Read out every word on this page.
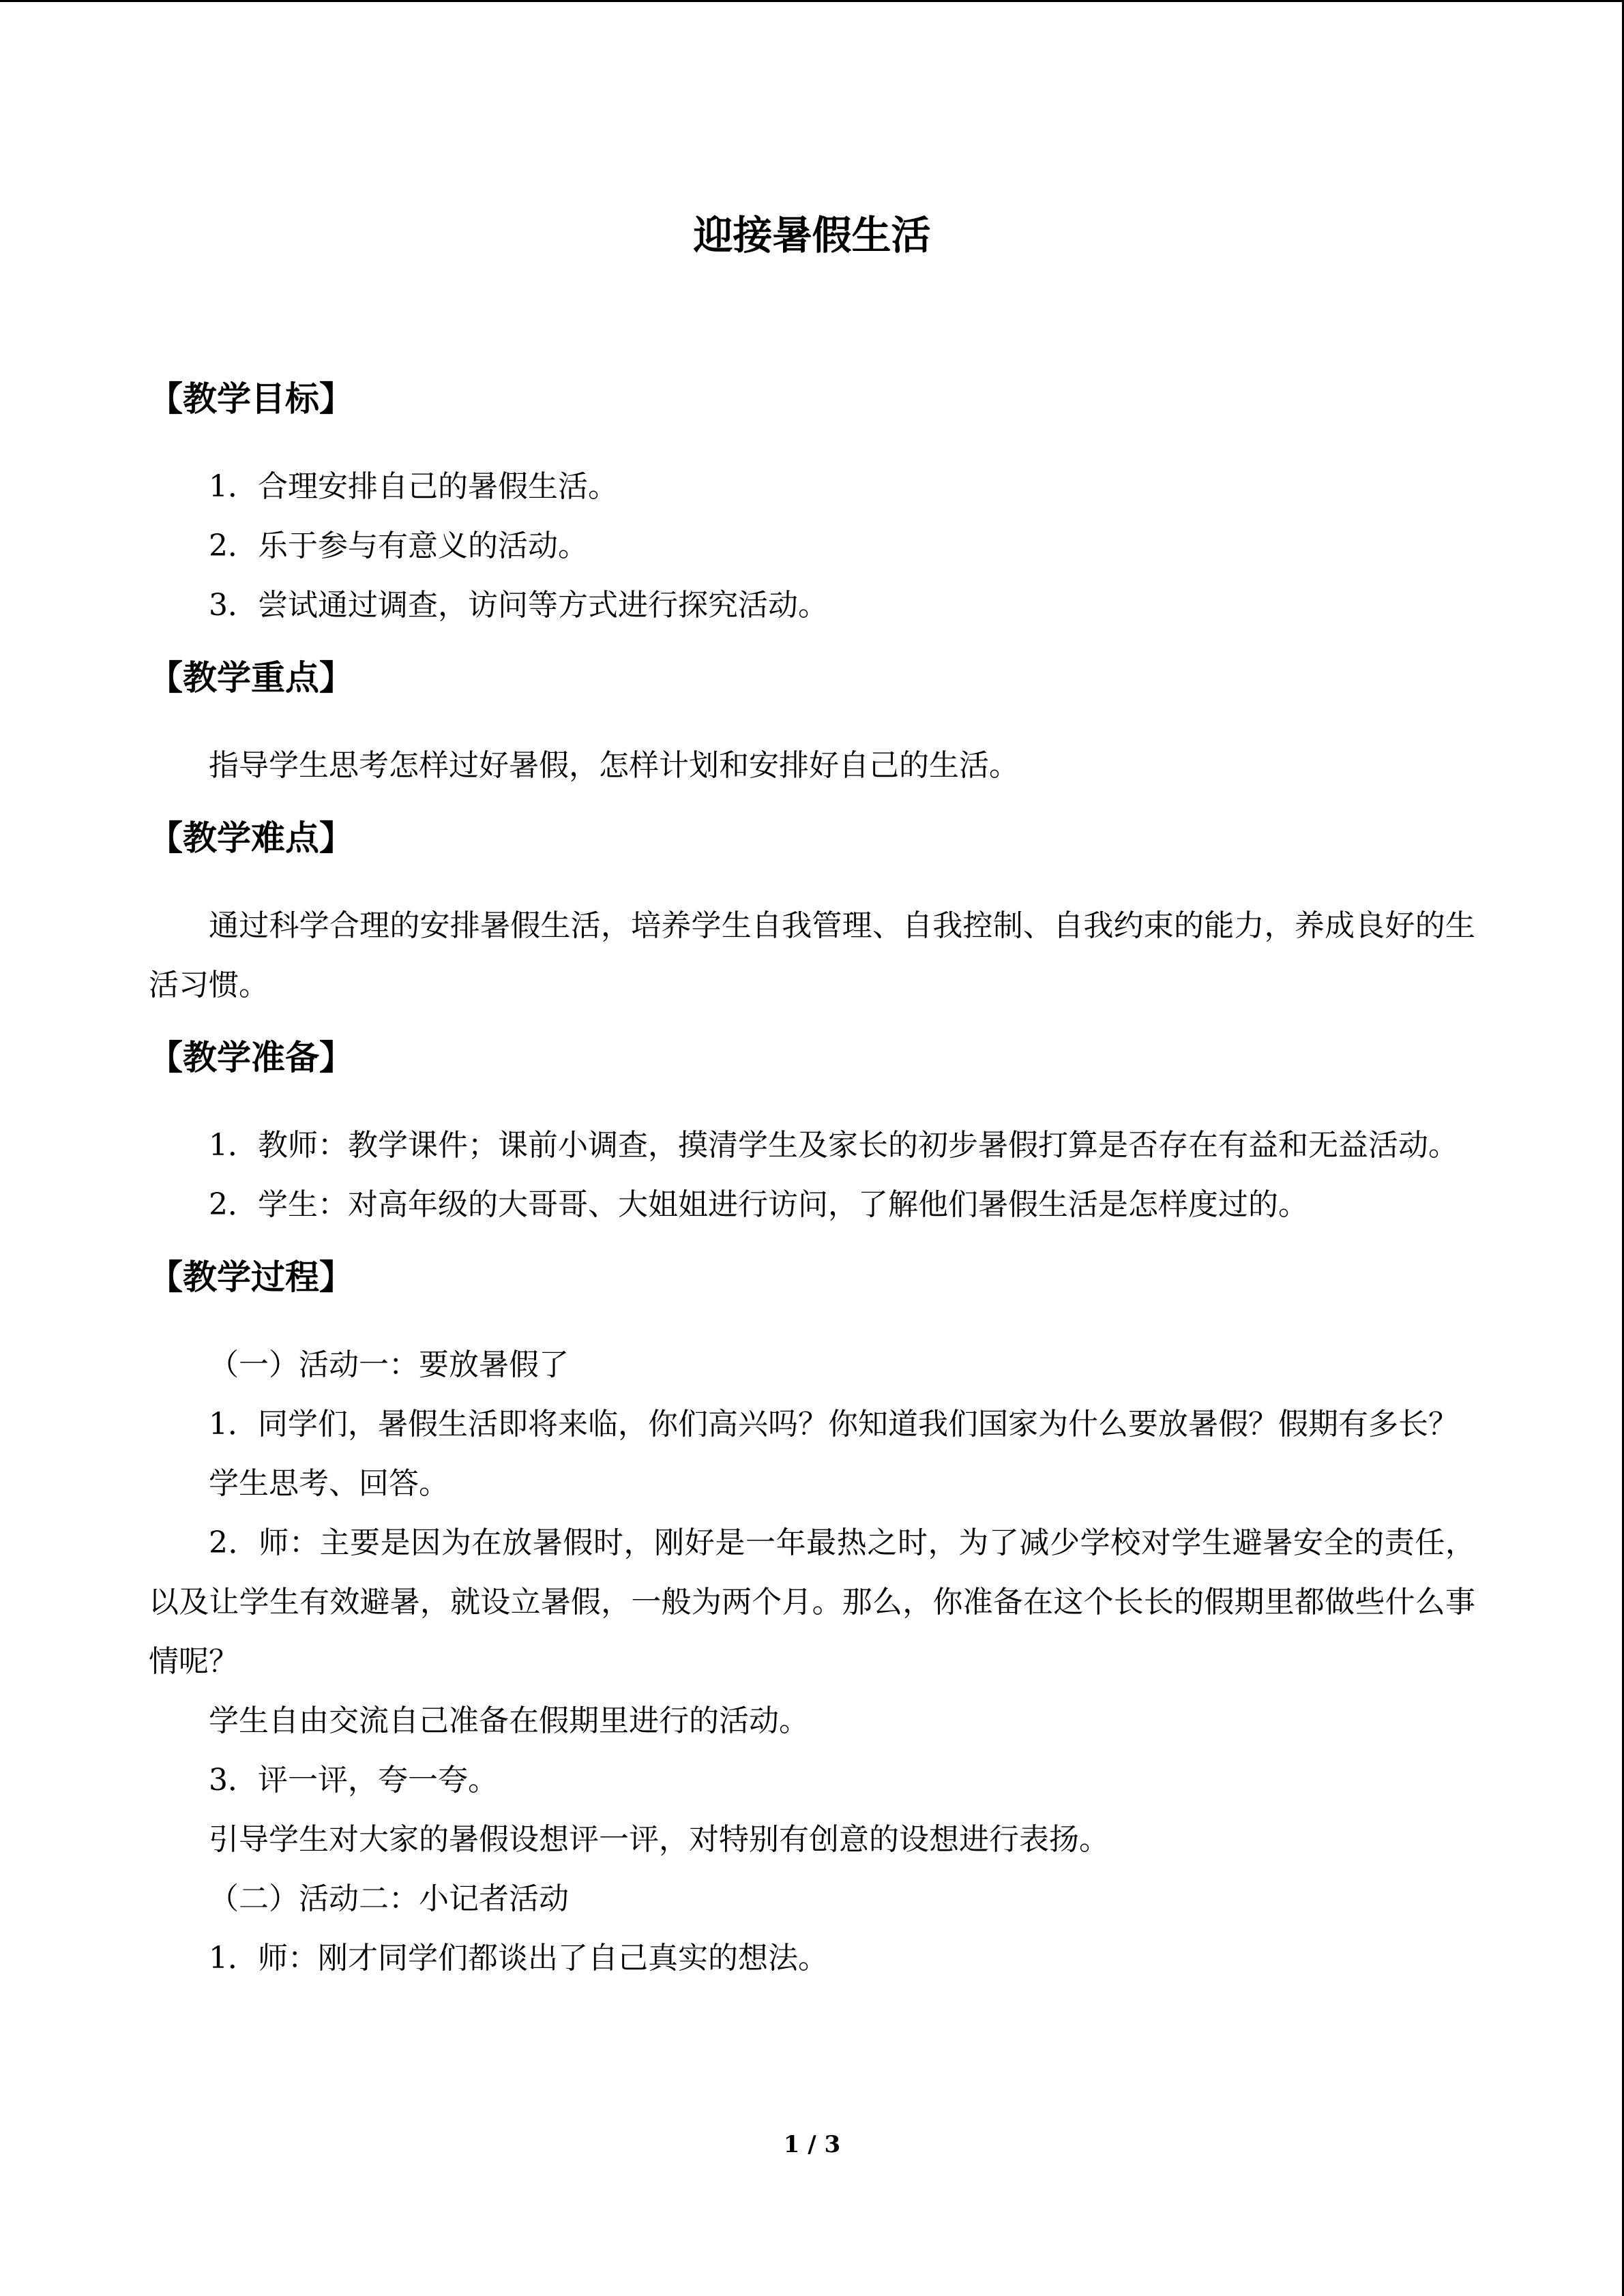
迎接暑假生活
【教学目标】

1．合理安排自己的暑假生活。

2．乐于参与有意义的活动。

3．尝试通过调查，访问等方式进行探究活动。

【教学重点】

指导学生思考怎样过好暑假，怎样计划和安排好自己的生活。

【教学难点】

通过科学合理的安排暑假生活，培养学生自我管理、自我控制、自我约束的能力，养成良好的生活习惯。

【教学准备】

1．教师：教学课件；课前小调查，摸清学生及家长的初步暑假打算是否存在有益和无益活动。

2．学生：对高年级的大哥哥、大姐姐进行访问，了解他们暑假生活是怎样度过的。

【教学过程】

（一）活动一：要放暑假了

1．同学们，暑假生活即将来临，你们高兴吗？你知道我们国家为什么要放暑假？假期有多长？

学生思考、回答。

2．师：主要是因为在放暑假时，刚好是一年最热之时，为了减少学校对学生避暑安全的责任，以及让学生有效避暑，就设立暑假，一般为两个月。那么，你准备在这个长长的假期里都做些什么事情呢？

学生自由交流自己准备在假期里进行的活动。

3．评一评，夸一夸。

引导学生对大家的暑假设想评一评，对特别有创意的设想进行表扬。

（二）活动二：小记者活动

1．师：刚才同学们都谈出了自己真实的想法。

1 / 3
